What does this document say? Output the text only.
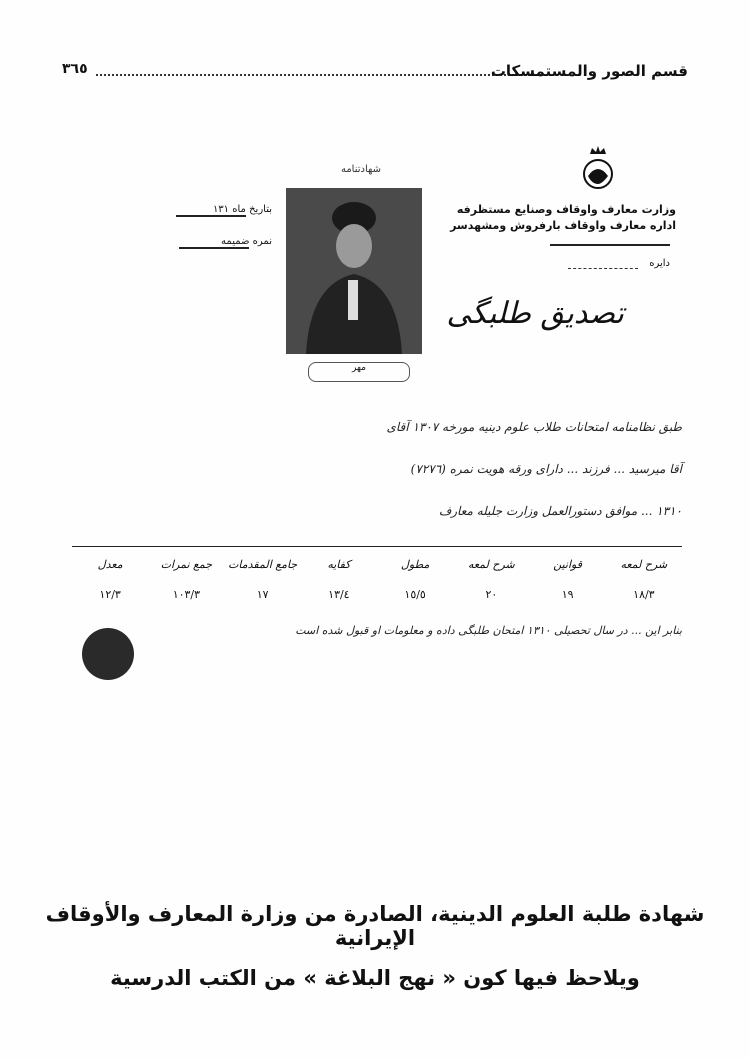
٣٦٥	قسم الصور والمستمسكات
وزارت معارف واوقاف وصنایع مستظرفه
اداره معارف واوقاف بارفروش ومشهدسر
دایره
بتاریخ ماه ١٣١
نمره ضمیمه
شهادتنامه
مهر
تصدیق طلبگی
طبق نظامنامه امتحانات طلاب علوم دینیه مورخه ١٣٠٧ آقای
آقا میرسید ... فرزند ... دارای ورقه هویت نمره (٧٢٧٦)
١٣١٠ ... موافق دستورالعمل وزارت جلیله معارف
شرح لمعه
قوانین
شرح لمعه
مطول
کفایه
جامع المقدمات
جمع نمرات
معدل
١٨/٣
١٩
٢٠
١٥/٥
١٣/٤
١٧
١٠٣/٣
١٢/٣
بنابر این ... در سال تحصیلی ١٣١٠ امتحان طلبگی داده و معلومات او قبول شده است
شهادة طلبة العلوم الدينية، الصادرة من وزارة المعارف والأوقاف الإيرانية
ويلاحظ فيها كون « نهج البلاغة » من الكتب الدرسية
